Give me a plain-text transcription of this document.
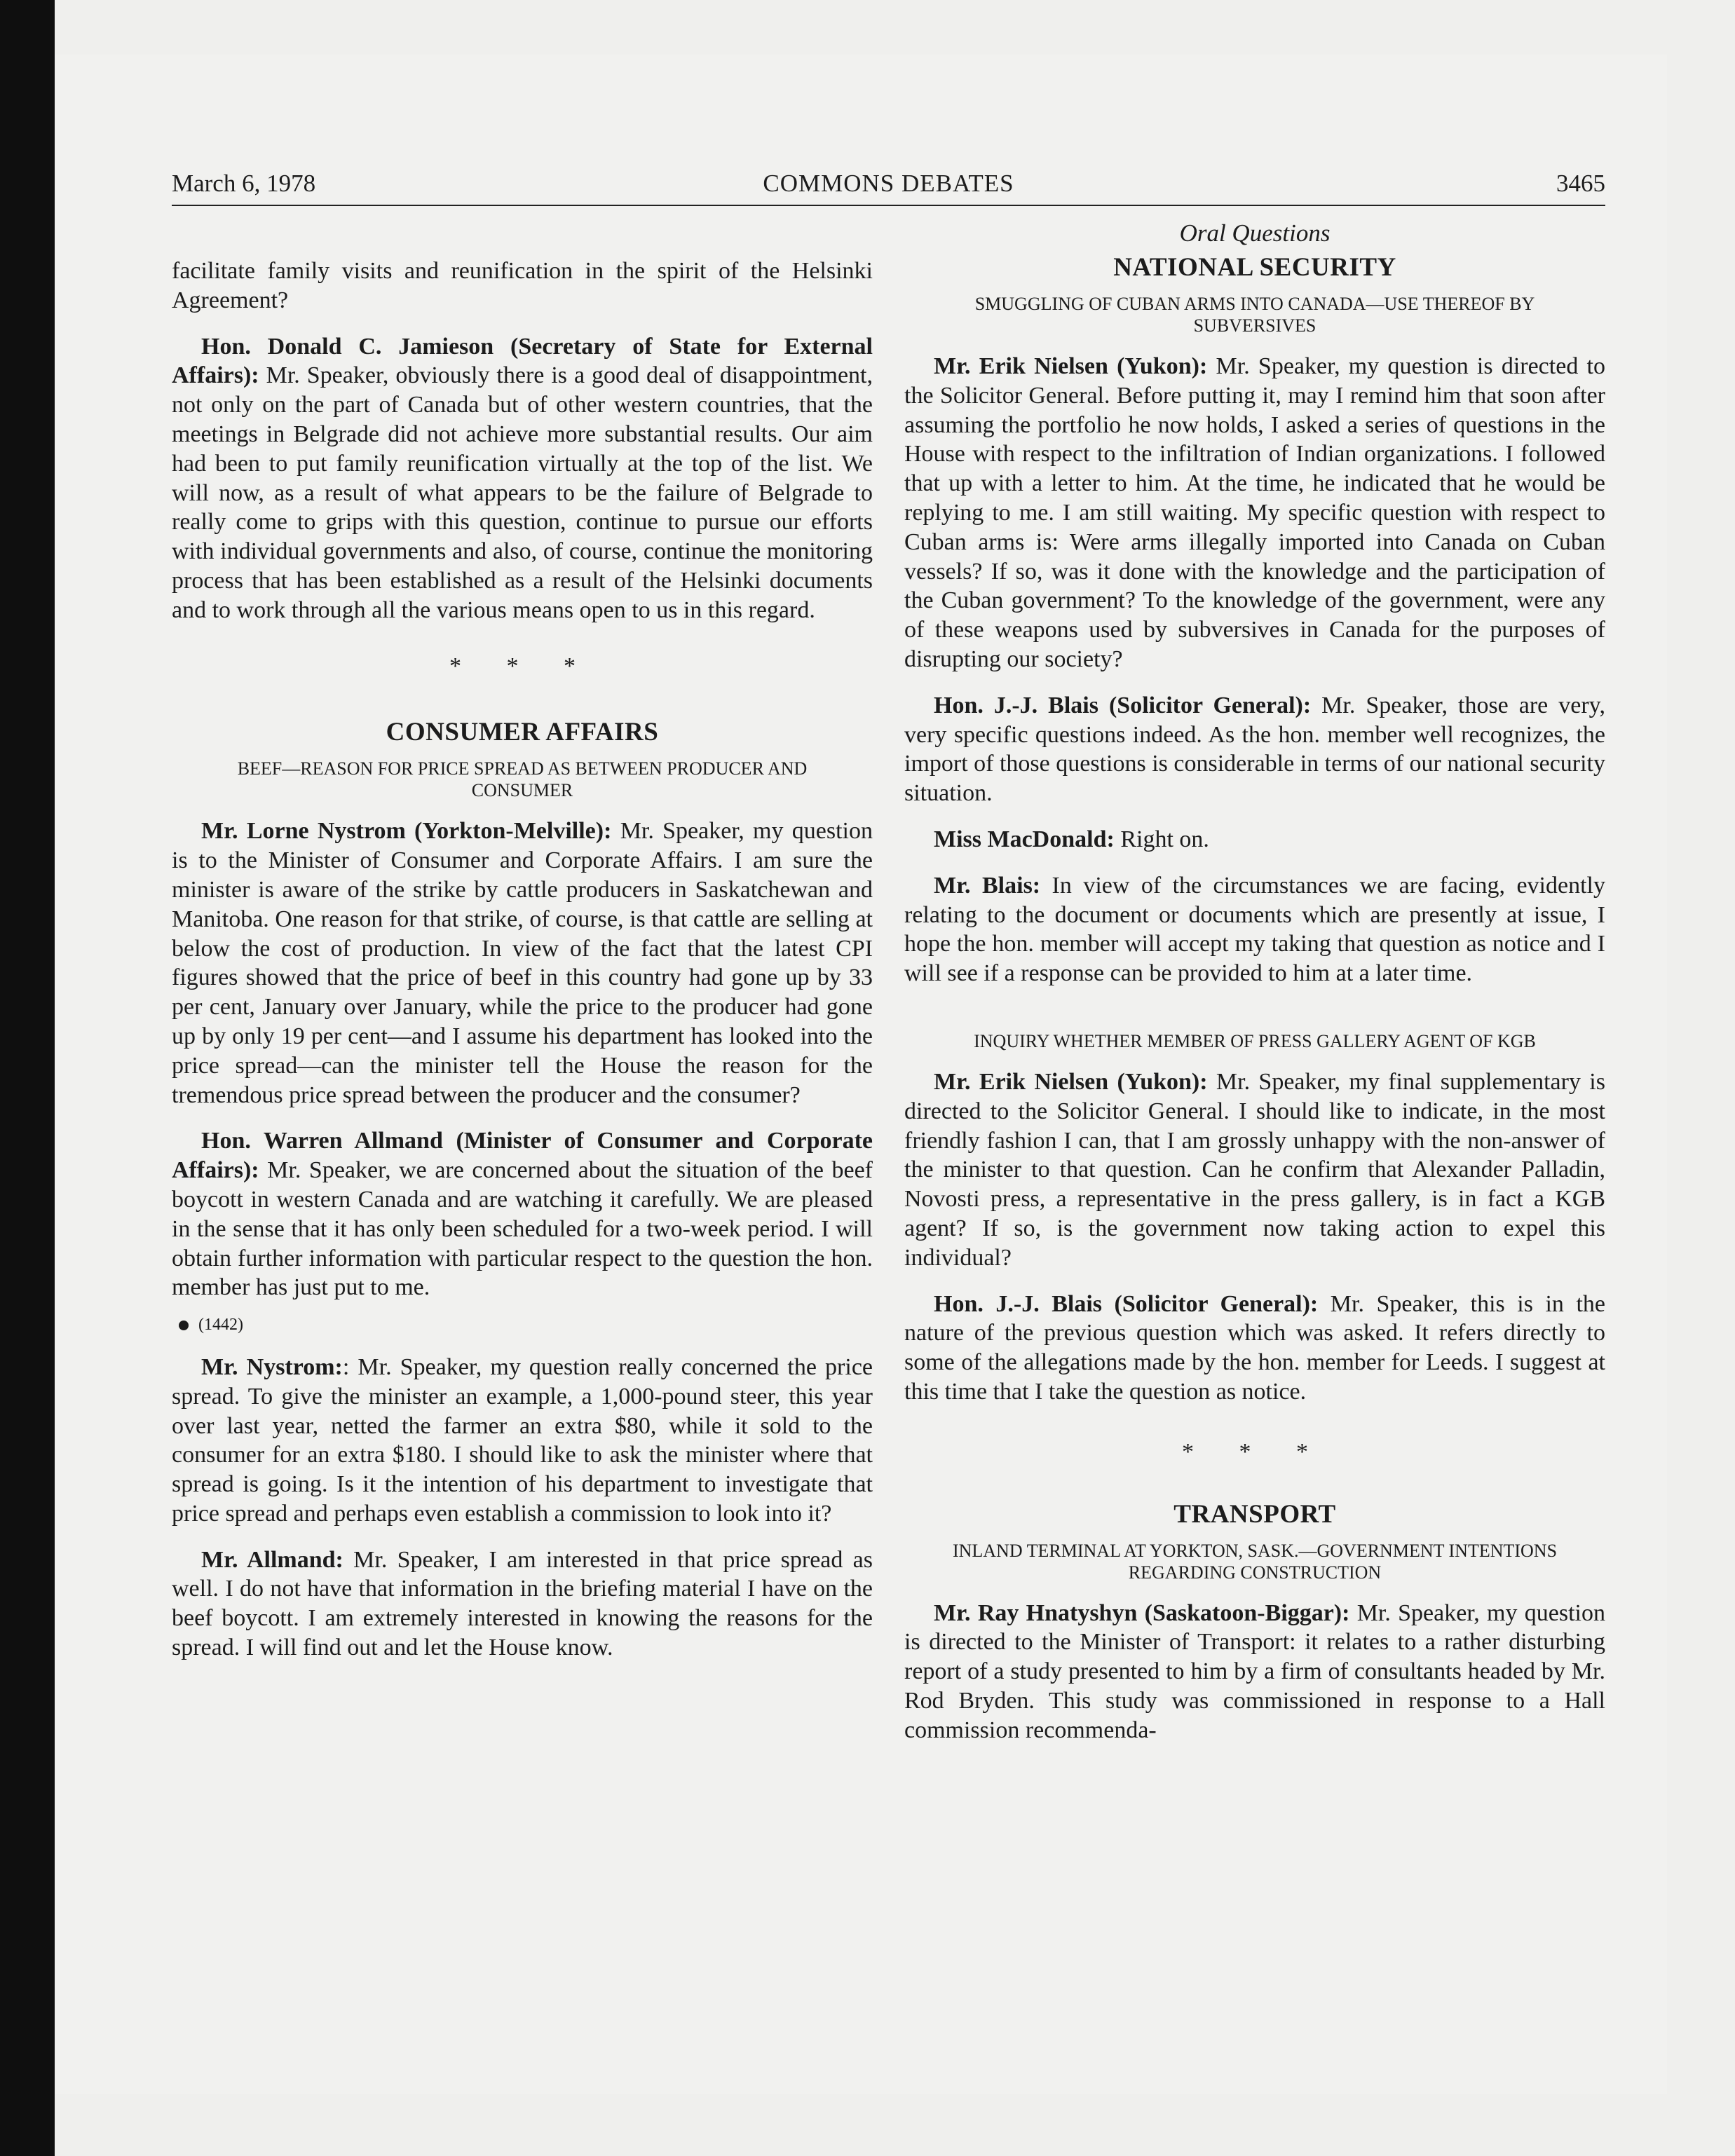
March 6, 1978	COMMONS DEBATES	3465

facilitate family visits and reunification in the spirit of the Helsinki Agreement?

Hon. Donald C. Jamieson (Secretary of State for External Affairs): Mr. Speaker, obviously there is a good deal of disappointment, not only on the part of Canada but of other western countries, that the meetings in Belgrade did not achieve more substantial results. Our aim had been to put family reunification virtually at the top of the list. We will now, as a result of what appears to be the failure of Belgrade to really come to grips with this question, continue to pursue our efforts with individual governments and also, of course, continue the monitoring process that has been established as a result of the Helsinki documents and to work through all the various means open to us in this regard.

* * *

CONSUMER AFFAIRS

BEEF—REASON FOR PRICE SPREAD AS BETWEEN PRODUCER AND CONSUMER

Mr. Lorne Nystrom (Yorkton-Melville): Mr. Speaker, my question is to the Minister of Consumer and Corporate Affairs. I am sure the minister is aware of the strike by cattle producers in Saskatchewan and Manitoba. One reason for that strike, of course, is that cattle are selling at below the cost of production. In view of the fact that the latest CPI figures showed that the price of beef in this country had gone up by 33 per cent, January over January, while the price to the producer had gone up by only 19 per cent—and I assume his department has looked into the price spread—can the minister tell the House the reason for the tremendous price spread between the producer and the consumer?

Hon. Warren Allmand (Minister of Consumer and Corporate Affairs): Mr. Speaker, we are concerned about the situation of the beef boycott in western Canada and are watching it carefully. We are pleased in the sense that it has only been scheduled for a two-week period. I will obtain further information with particular respect to the question the hon. member has just put to me.

(1442)

Mr. Nystrom:: Mr. Speaker, my question really concerned the price spread. To give the minister an example, a 1,000-pound steer, this year over last year, netted the farmer an extra $80, while it sold to the consumer for an extra $180. I should like to ask the minister where that spread is going. Is it the intention of his department to investigate that price spread and perhaps even establish a commission to look into it?

Mr. Allmand: Mr. Speaker, I am interested in that price spread as well. I do not have that information in the briefing material I have on the beef boycott. I am extremely interested in knowing the reasons for the spread. I will find out and let the House know.

Oral Questions

NATIONAL SECURITY

SMUGGLING OF CUBAN ARMS INTO CANADA—USE THEREOF BY SUBVERSIVES

Mr. Erik Nielsen (Yukon): Mr. Speaker, my question is directed to the Solicitor General. Before putting it, may I remind him that soon after assuming the portfolio he now holds, I asked a series of questions in the House with respect to the infiltration of Indian organizations. I followed that up with a letter to him. At the time, he indicated that he would be replying to me. I am still waiting. My specific question with respect to Cuban arms is: Were arms illegally imported into Canada on Cuban vessels? If so, was it done with the knowledge and the participation of the Cuban government? To the knowledge of the government, were any of these weapons used by subversives in Canada for the purposes of disrupting our society?

Hon. J.-J. Blais (Solicitor General): Mr. Speaker, those are very, very specific questions indeed. As the hon. member well recognizes, the import of those questions is considerable in terms of our national security situation.

Miss MacDonald: Right on.

Mr. Blais: In view of the circumstances we are facing, evidently relating to the document or documents which are presently at issue, I hope the hon. member will accept my taking that question as notice and I will see if a response can be provided to him at a later time.

INQUIRY WHETHER MEMBER OF PRESS GALLERY AGENT OF KGB

Mr. Erik Nielsen (Yukon): Mr. Speaker, my final supplementary is directed to the Solicitor General. I should like to indicate, in the most friendly fashion I can, that I am grossly unhappy with the non-answer of the minister to that question. Can he confirm that Alexander Palladin, Novosti press, a representative in the press gallery, is in fact a KGB agent? If so, is the government now taking action to expel this individual?

Hon. J.-J. Blais (Solicitor General): Mr. Speaker, this is in the nature of the previous question which was asked. It refers directly to some of the allegations made by the hon. member for Leeds. I suggest at this time that I take the question as notice.

* * *

TRANSPORT

INLAND TERMINAL AT YORKTON, SASK.—GOVERNMENT INTENTIONS REGARDING CONSTRUCTION

Mr. Ray Hnatyshyn (Saskatoon-Biggar): Mr. Speaker, my question is directed to the Minister of Transport: it relates to a rather disturbing report of a study presented to him by a firm of consultants headed by Mr. Rod Bryden. This study was commissioned in response to a Hall commission recommenda-
